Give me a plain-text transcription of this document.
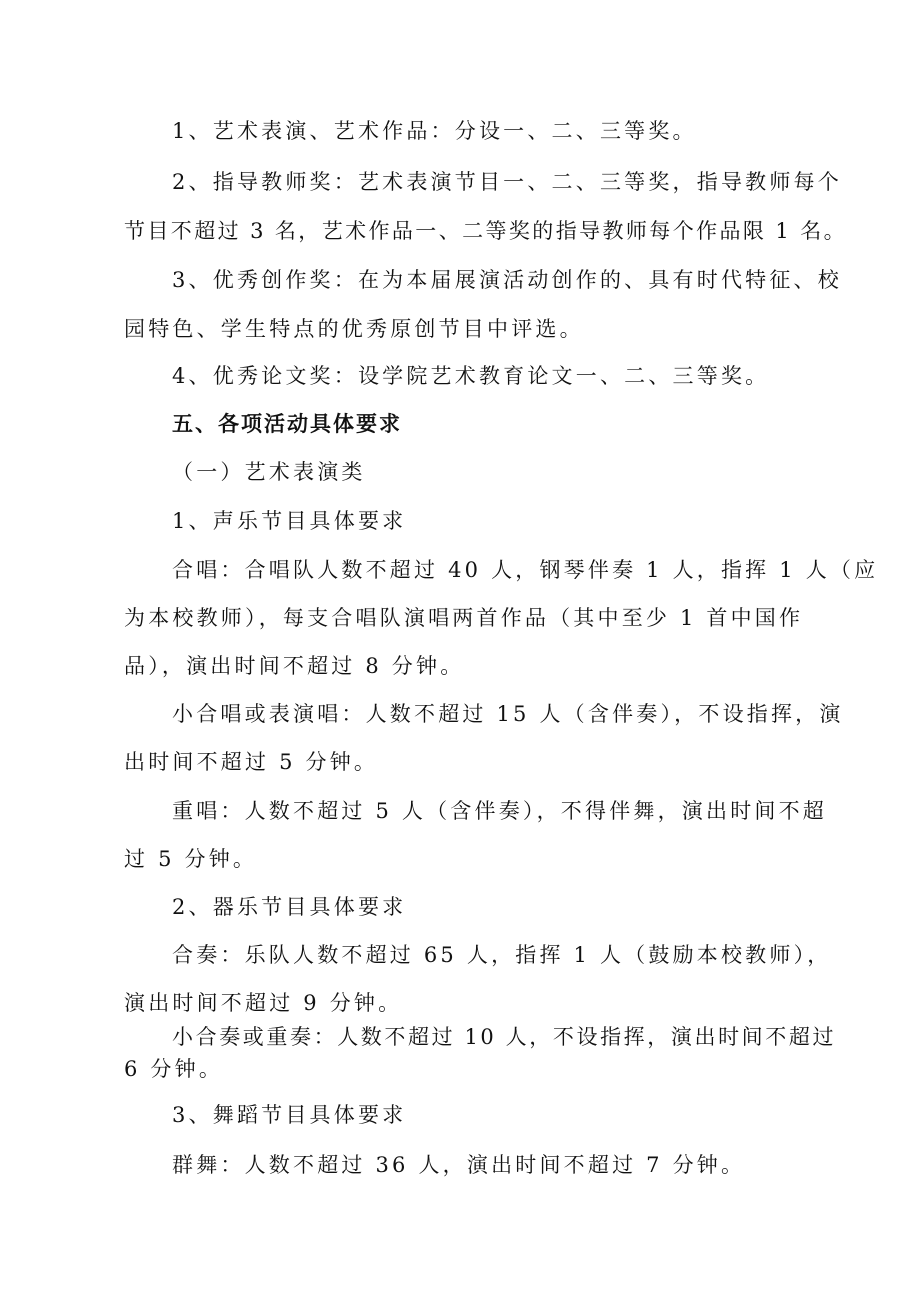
1、艺术表演、艺术作品：分设一、二、三等奖。
2、指导教师奖：艺术表演节目一、二、三等奖，指导教师每个
节目不超过 3 名，艺术作品一、二等奖的指导教师每个作品限 1 名。
3、优秀创作奖：在为本届展演活动创作的、具有时代特征、校
园特色、学生特点的优秀原创节目中评选。
4、优秀论文奖：设学院艺术教育论文一、二、三等奖。
五、各项活动具体要求
（一）艺术表演类
1、声乐节目具体要求
合唱：合唱队人数不超过 40 人，钢琴伴奏 1 人，指挥 1 人（应
为本校教师），每支合唱队演唱两首作品（其中至少 1 首中国作
品），演出时间不超过 8 分钟。
小合唱或表演唱：人数不超过 15 人（含伴奏），不设指挥，演
出时间不超过 5 分钟。
重唱：人数不超过 5 人（含伴奏），不得伴舞，演出时间不超
过 5 分钟。
2、器乐节目具体要求
合奏：乐队人数不超过 65 人，指挥 1 人（鼓励本校教师），
演出时间不超过 9 分钟。
小合奏或重奏：人数不超过 10 人，不设指挥，演出时间不超过
6 分钟。
3、舞蹈节目具体要求
群舞：人数不超过 36 人，演出时间不超过 7 分钟。
